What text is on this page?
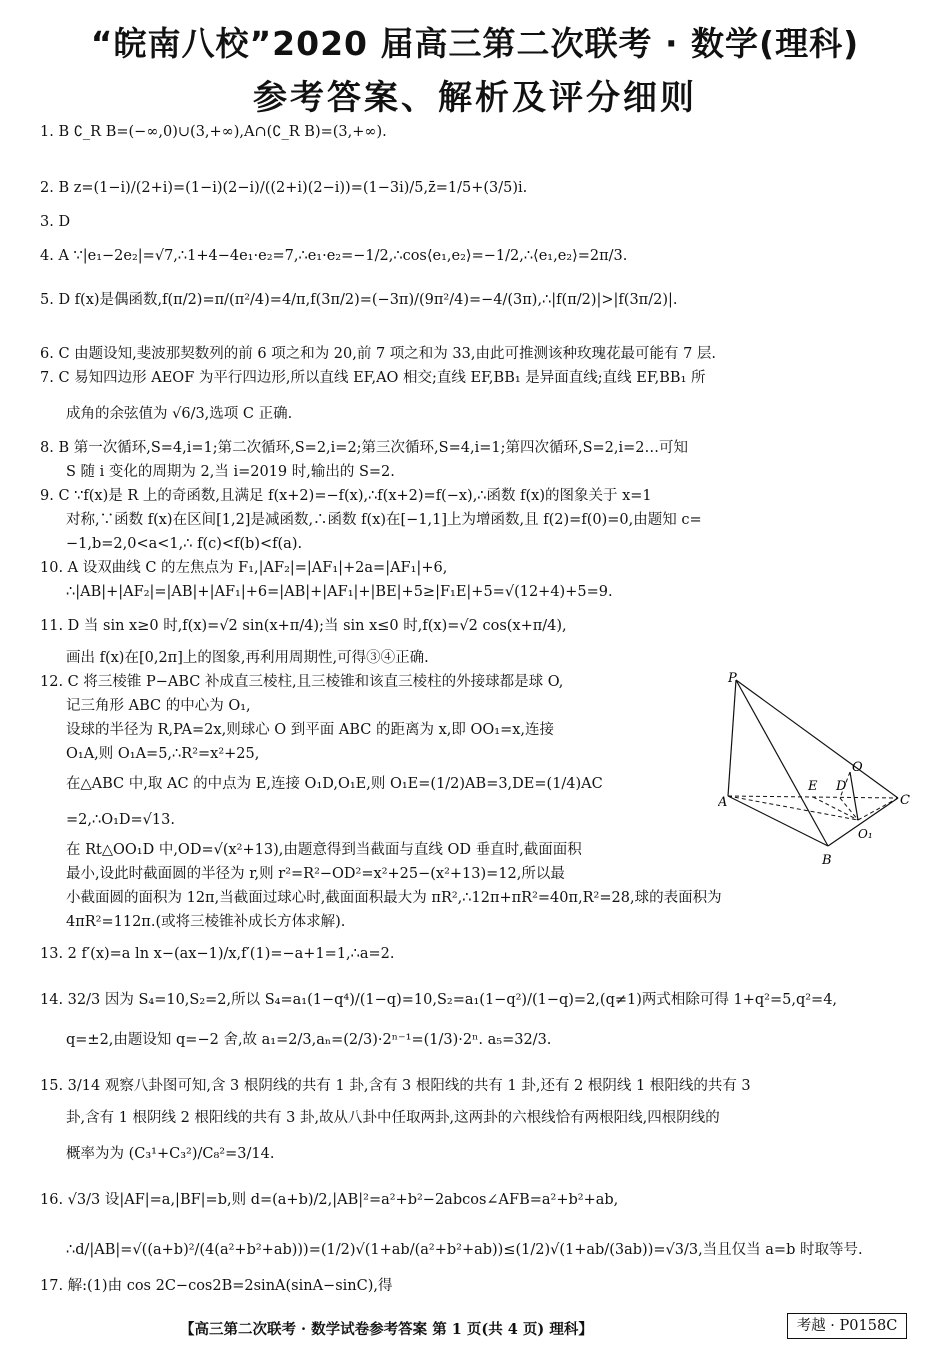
“皖南八校”2020 届高三第二次联考 · 数学(理科)
参考答案、解析及评分细则
1. B ∁_R B=(−∞,0)∪(3,+∞),A∩(∁_R B)=(3,+∞).
2. B z=(1−i)/(2+i)=(1−i)(2−i)/((2+i)(2−i))=(1−3i)/5,z̄=1/5+(3/5)i.
3. D
4. A ∵|e₁−2e₂|=√7,∴1+4−4e₁·e₂=7,∴e₁·e₂=−1/2,∴cos⟨e₁,e₂⟩=−1/2,∴⟨e₁,e₂⟩=2π/3.
5. D f(x)是偶函数,f(π/2)=π/(π²/4)=4/π,f(3π/2)=(−3π)/(9π²/4)=−4/(3π),∴|f(π/2)|>|f(3π/2)|.
6. C 由题设知,斐波那契数列的前 6 项之和为 20,前 7 项之和为 33,由此可推测该种玫瑰花最可能有 7 层.
7. C 易知四边形 AEOF 为平行四边形,所以直线 EF,AO 相交;直线 EF,BB₁ 是异面直线;直线 EF,BB₁ 所
成角的余弦值为 √6/3,选项 C 正确.
8. B 第一次循环,S=4,i=1;第二次循环,S=2,i=2;第三次循环,S=4,i=1;第四次循环,S=2,i=2…可知
S 随 i 变化的周期为 2,当 i=2019 时,输出的 S=2.
9. C ∵f(x)是 R 上的奇函数,且满足 f(x+2)=−f(x),∴f(x+2)=f(−x),∴函数 f(x)的图象关于 x=1
对称,∵函数 f(x)在区间[1,2]是减函数,∴函数 f(x)在[−1,1]上为增函数,且 f(2)=f(0)=0,由题知 c=
−1,b=2,0<a<1,∴ f(c)<f(b)<f(a).
10. A 设双曲线 C 的左焦点为 F₁,|AF₂|=|AF₁|+2a=|AF₁|+6,
∴|AB|+|AF₂|=|AB|+|AF₁|+6=|AB|+|AF₁|+|BE|+5≥|F₁E|+5=√(12+4)+5=9.
11. D 当 sin x≥0 时,f(x)=√2 sin(x+π/4);当 sin x≤0 时,f(x)=√2 cos(x+π/4),
画出 f(x)在[0,2π]上的图象,再利用周期性,可得③④正确.
12. C 将三棱锥 P−ABC 补成直三棱柱,且三棱锥和该直三棱柱的外接球都是球 O,
记三角形 ABC 的中心为 O₁,
设球的半径为 R,PA=2x,则球心 O 到平面 ABC 的距离为 x,即 OO₁=x,连接
O₁A,则 O₁A=5,∴R²=x²+25,
在△ABC 中,取 AC 的中点为 E,连接 O₁D,O₁E,则 O₁E=(1/2)AB=3,DE=(1/4)AC
=2,∴O₁D=√13.
在 Rt△OO₁D 中,OD=√(x²+13),由题意得到当截面与直线 OD 垂直时,截面面积
最小,设此时截面圆的半径为 r,则 r²=R²−OD²=x²+25−(x²+13)=12,所以最
小截面圆的面积为 12π,当截面过球心时,截面面积最大为 πR²,∴12π+πR²=40π,R²=28,球的表面积为
4πR²=112π.(或将三棱锥补成长方体求解).
13. 2 f′(x)=a ln x−(ax−1)/x,f′(1)=−a+1=1,∴a=2.
14. 32/3 因为 S₄=10,S₂=2,所以 S₄=a₁(1−q⁴)/(1−q)=10,S₂=a₁(1−q²)/(1−q)=2,(q≠1)两式相除可得 1+q²=5,q²=4,
q=±2,由题设知 q=−2 舍,故 a₁=2/3,aₙ=(2/3)·2ⁿ⁻¹=(1/3)·2ⁿ. a₅=32/3.
15. 3/14 观察八卦图可知,含 3 根阴线的共有 1 卦,含有 3 根阳线的共有 1 卦,还有 2 根阴线 1 根阳线的共有 3
卦,含有 1 根阴线 2 根阳线的共有 3 卦,故从八卦中任取两卦,这两卦的六根线恰有两根阳线,四根阴线的
概率为为 (C₃¹+C₃²)/C₈²=3/14.
16. √3/3 设|AF|=a,|BF|=b,则 d=(a+b)/2,|AB|²=a²+b²−2abcos∠AFB=a²+b²+ab,
∴d/|AB|=√((a+b)²/(4(a²+b²+ab)))=(1/2)√(1+ab/(a²+b²+ab))≤(1/2)√(1+ab/(3ab))=√3/3,当且仅当 a=b 时取等号.
17. 解:(1)由 cos 2C−cos2B=2sinA(sinA−sinC),得
P
O
A
E D
C
O₁
B
【高三第二次联考 · 数学试卷参考答案 第 1 页(共 4 页) 理科】	考越 · P0158C
